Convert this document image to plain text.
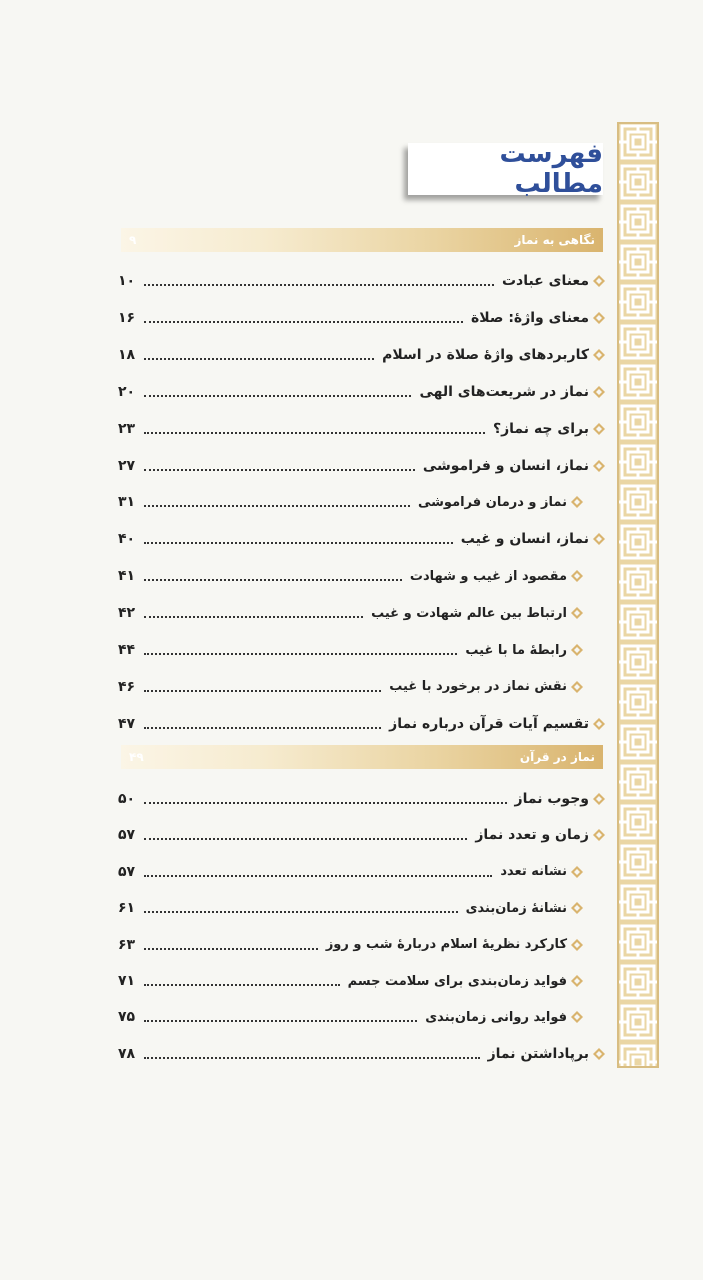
فهرست مطالب
نگاهی به نماز
۹
معنای عبادت
۱۰
معنای واژهٔ: صلاة
۱۶
کاربردهای واژهٔ صلاة در اسلام
۱۸
نماز در شریعت‌های الهی
۲۰
برای چه نماز؟
۲۳
نماز، انسان و فراموشی
۲۷
نماز و درمان فراموشی
۳۱
نماز، انسان و غیب
۴۰
مقصود از غیب و شهادت
۴۱
ارتباط بین عالم شهادت و غیب
۴۲
رابطهٔ ما با غیب
۴۴
نقش نماز در برخورد با غیب
۴۶
تقسیم آیات قرآن درباره نماز
۴۷
نماز در قرآن
۴۹
وجوب نماز
۵۰
زمان و تعدد نماز
۵۷
نشانه تعدد
۵۷
نشانهٔ زمان‌بندی
۶۱
کارکرد نظریهٔ اسلام دربارهٔ شب و روز
۶۳
فواید زمان‌بندی برای سلامت جسم
۷۱
فواید روانی زمان‌بندی
۷۵
برپاداشتن نماز
۷۸
